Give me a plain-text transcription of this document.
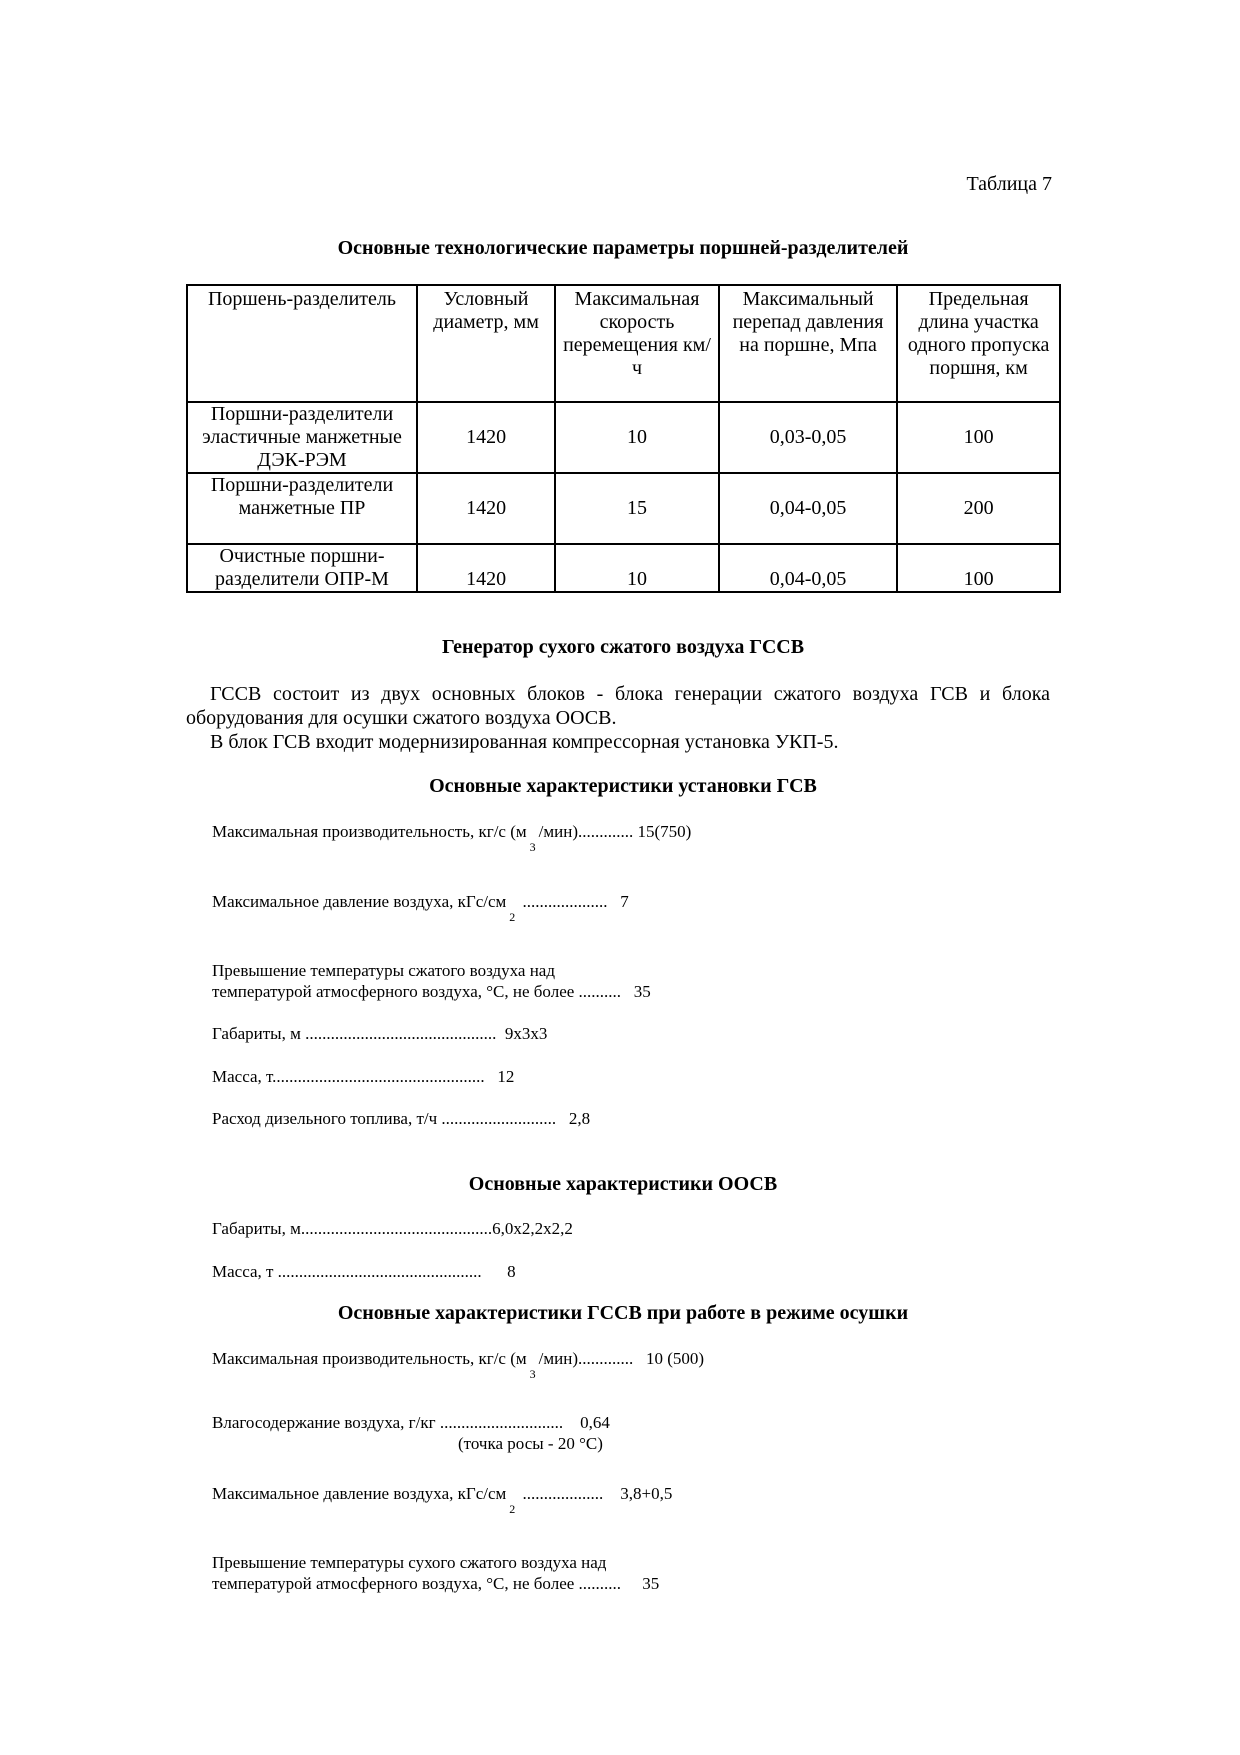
Таблица 7
Основные технологические параметры поршней-разделителей
Поршень-разделитель	Условный диаметр, мм	Максимальная скорость перемещения км/ч	Максимальный перепад давления на поршне, Мпа	Предельная длина участка одного пропуска поршня, км
Поршни-разделители эластичные манжетные ДЭК-РЭМ	1420	10	0,03-0,05	100
Поршни-разделители манжетные ПР	1420	15	0,04-0,05	200
Очистные поршни-разделители ОПР-М	1420	10	0,04-0,05	100
Генератор сухого сжатого воздуха ГССВ
ГССВ состоит из двух основных блоков - блока генерации сжатого воздуха ГСВ и блока оборудования для осушки сжатого воздуха ООСВ.
В блок ГСВ входит модернизированная компрессорная установка УКП-5.
Основные характеристики установки ГСВ
Максимальная производительность, кг/с $(м_3/мин)$............. 15(750)
Максимальное давление воздуха, кГс/$см_2$ ....................   7
Превышение температуры сжатого воздуха над
температурой атмосферного воздуха, °С, не более ..........   35
Габариты, м .............................................  9х3х3
Масса, т..................................................   12
Расход дизельного топлива, т/ч ...........................   2,8
Основные характеристики ООСВ
Габариты, м.............................................6,0х2,2х2,2
Масса, т ................................................      8
Основные характеристики ГССВ при работе в режиме осушки
Максимальная производительность, кг/с $(м_3/мин)$.............   10 (500)
Влагосодержание воздуха, г/кг .............................    0,64
(точка росы - 20 °С)
Максимальное давление воздуха, кГс/$см_2$ ...................    3,8+0,5
Превышение температуры сухого сжатого воздуха над
температурой атмосферного воздуха, °С, не более ..........     35
